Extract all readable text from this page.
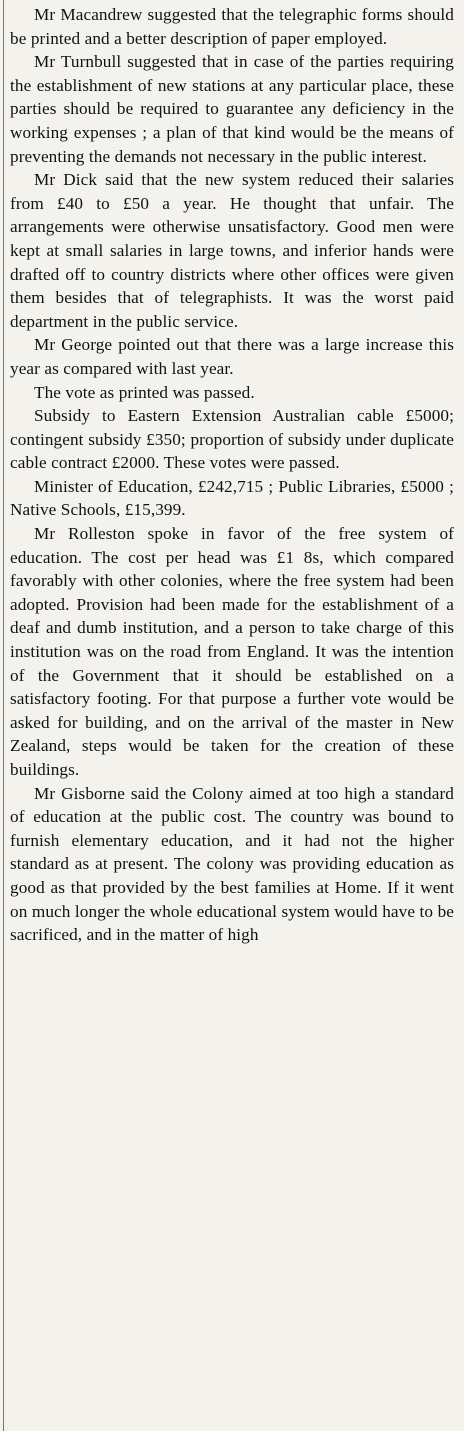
Mr Macandrew suggested that the telegraphic forms should be printed and a better description of paper employed.

Mr Turnbull suggested that in case of the parties requiring the establishment of new stations at any particular place, these parties should be required to guarantee any deficiency in the working expenses ; a plan of that kind would be the means of preventing the demands not necessary in the public interest.

Mr Dick said that the new system reduced their salaries from £40 to £50 a year. He thought that unfair. The arrangements were otherwise unsatisfactory. Good men were kept at small salaries in large towns, and inferior hands were drafted off to country districts where other offices were given them besides that of telegraphists. It was the worst paid department in the public service.

Mr George pointed out that there was a large increase this year as compared with last year.

The vote as printed was passed.

Subsidy to Eastern Extension Australian cable £5000; contingent subsidy £350; proportion of subsidy under duplicate cable contract £2000. These votes were passed.

Minister of Education, £242,715 ; Public Libraries, £5000 ; Native Schools, £15,399.

Mr Rolleston spoke in favor of the free system of education. The cost per head was £1 8s, which compared favorably with other colonies, where the free system had been adopted. Provision had been made for the establishment of a deaf and dumb institution, and a person to take charge of this institution was on the road from England. It was the intention of the Government that it should be established on a satisfactory footing. For that purpose a further vote would be asked for building, and on the arrival of the master in New Zealand, steps would be taken for the creation of these buildings.

Mr Gisborne said the Colony aimed at too high a standard of education at the public cost. The country was bound to furnish elementary education, and it had not the higher standard as at present. The colony was providing education as good as that provided by the best families at Home. If it went on much longer the whole educational system would have to be sacrificed, and in the matter of high
